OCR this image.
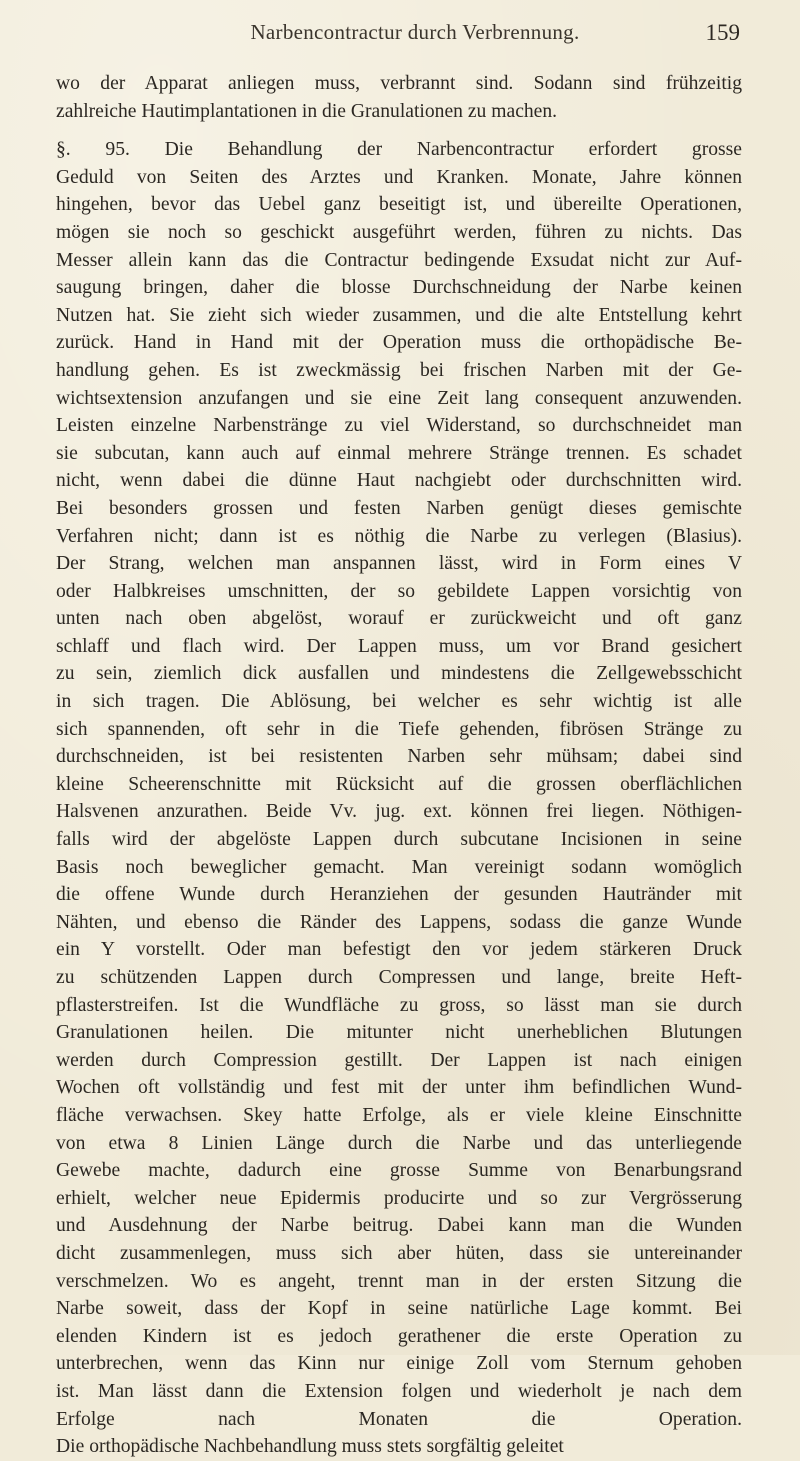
Narbencontractur durch Verbrennung.	159
wo der Apparat anliegen muss, verbrannt sind. Sodann sind frühzeitig
zahlreiche Hautimplantationen in die Granulationen zu machen.
§. 95. Die Behandlung der Narbencontractur erfordert grosse
Geduld von Seiten des Arztes und Kranken. Monate, Jahre können
hingehen, bevor das Uebel ganz beseitigt ist, und übereilte Operationen,
mögen sie noch so geschickt ausgeführt werden, führen zu nichts. Das
Messer allein kann das die Contractur bedingende Exsudat nicht zur Auf-
saugung bringen, daher die blosse Durchschneidung der Narbe keinen
Nutzen hat. Sie zieht sich wieder zusammen, und die alte Entstellung kehrt
zurück. Hand in Hand mit der Operation muss die orthopädische Be-
handlung gehen. Es ist zweckmässig bei frischen Narben mit der Ge-
wichtsextension anzufangen und sie eine Zeit lang consequent anzuwenden.
Leisten einzelne Narbenstränge zu viel Widerstand, so durchschneidet man
sie subcutan, kann auch auf einmal mehrere Stränge trennen. Es schadet
nicht, wenn dabei die dünne Haut nachgiebt oder durchschnitten wird.
Bei besonders grossen und festen Narben genügt dieses gemischte
Verfahren nicht; dann ist es nöthig die Narbe zu verlegen (Blasius).
Der Strang, welchen man anspannen lässt, wird in Form eines V
oder Halbkreises umschnitten, der so gebildete Lappen vorsichtig von
unten nach oben abgelöst, worauf er zurückweicht und oft ganz
schlaff und flach wird. Der Lappen muss, um vor Brand gesichert
zu sein, ziemlich dick ausfallen und mindestens die Zellgewebsschicht
in sich tragen. Die Ablösung, bei welcher es sehr wichtig ist alle
sich spannenden, oft sehr in die Tiefe gehenden, fibrösen Stränge zu
durchschneiden, ist bei resistenten Narben sehr mühsam; dabei sind
kleine Scheerenschnitte mit Rücksicht auf die grossen oberflächlichen
Halsvenen anzurathen. Beide Vv. jug. ext. können frei liegen. Nöthigen-
falls wird der abgelöste Lappen durch subcutane Incisionen in seine
Basis noch beweglicher gemacht. Man vereinigt sodann womöglich
die offene Wunde durch Heranziehen der gesunden Hautränder mit
Nähten, und ebenso die Ränder des Lappens, sodass die ganze Wunde
ein Y vorstellt. Oder man befestigt den vor jedem stärkeren Druck
zu schützenden Lappen durch Compressen und lange, breite Heft-
pflasterstreifen. Ist die Wundfläche zu gross, so lässt man sie durch
Granulationen heilen. Die mitunter nicht unerheblichen Blutungen
werden durch Compression gestillt. Der Lappen ist nach einigen
Wochen oft vollständig und fest mit der unter ihm befindlichen Wund-
fläche verwachsen. Skey hatte Erfolge, als er viele kleine Einschnitte
von etwa 8 Linien Länge durch die Narbe und das unterliegende
Gewebe machte, dadurch eine grosse Summe von Benarbungsrand
erhielt, welcher neue Epidermis producirte und so zur Vergrösserung
und Ausdehnung der Narbe beitrug. Dabei kann man die Wunden
dicht zusammenlegen, muss sich aber hüten, dass sie untereinander
verschmelzen. Wo es angeht, trennt man in der ersten Sitzung die
Narbe soweit, dass der Kopf in seine natürliche Lage kommt. Bei
elenden Kindern ist es jedoch gerathener die erste Operation zu
unterbrechen, wenn das Kinn nur einige Zoll vom Sternum gehoben
ist. Man lässt dann die Extension folgen und wiederholt je nach dem
Erfolge nach Monaten die Operation.
Die orthopädische Nachbehandlung muss stets sorgfältig geleitet
